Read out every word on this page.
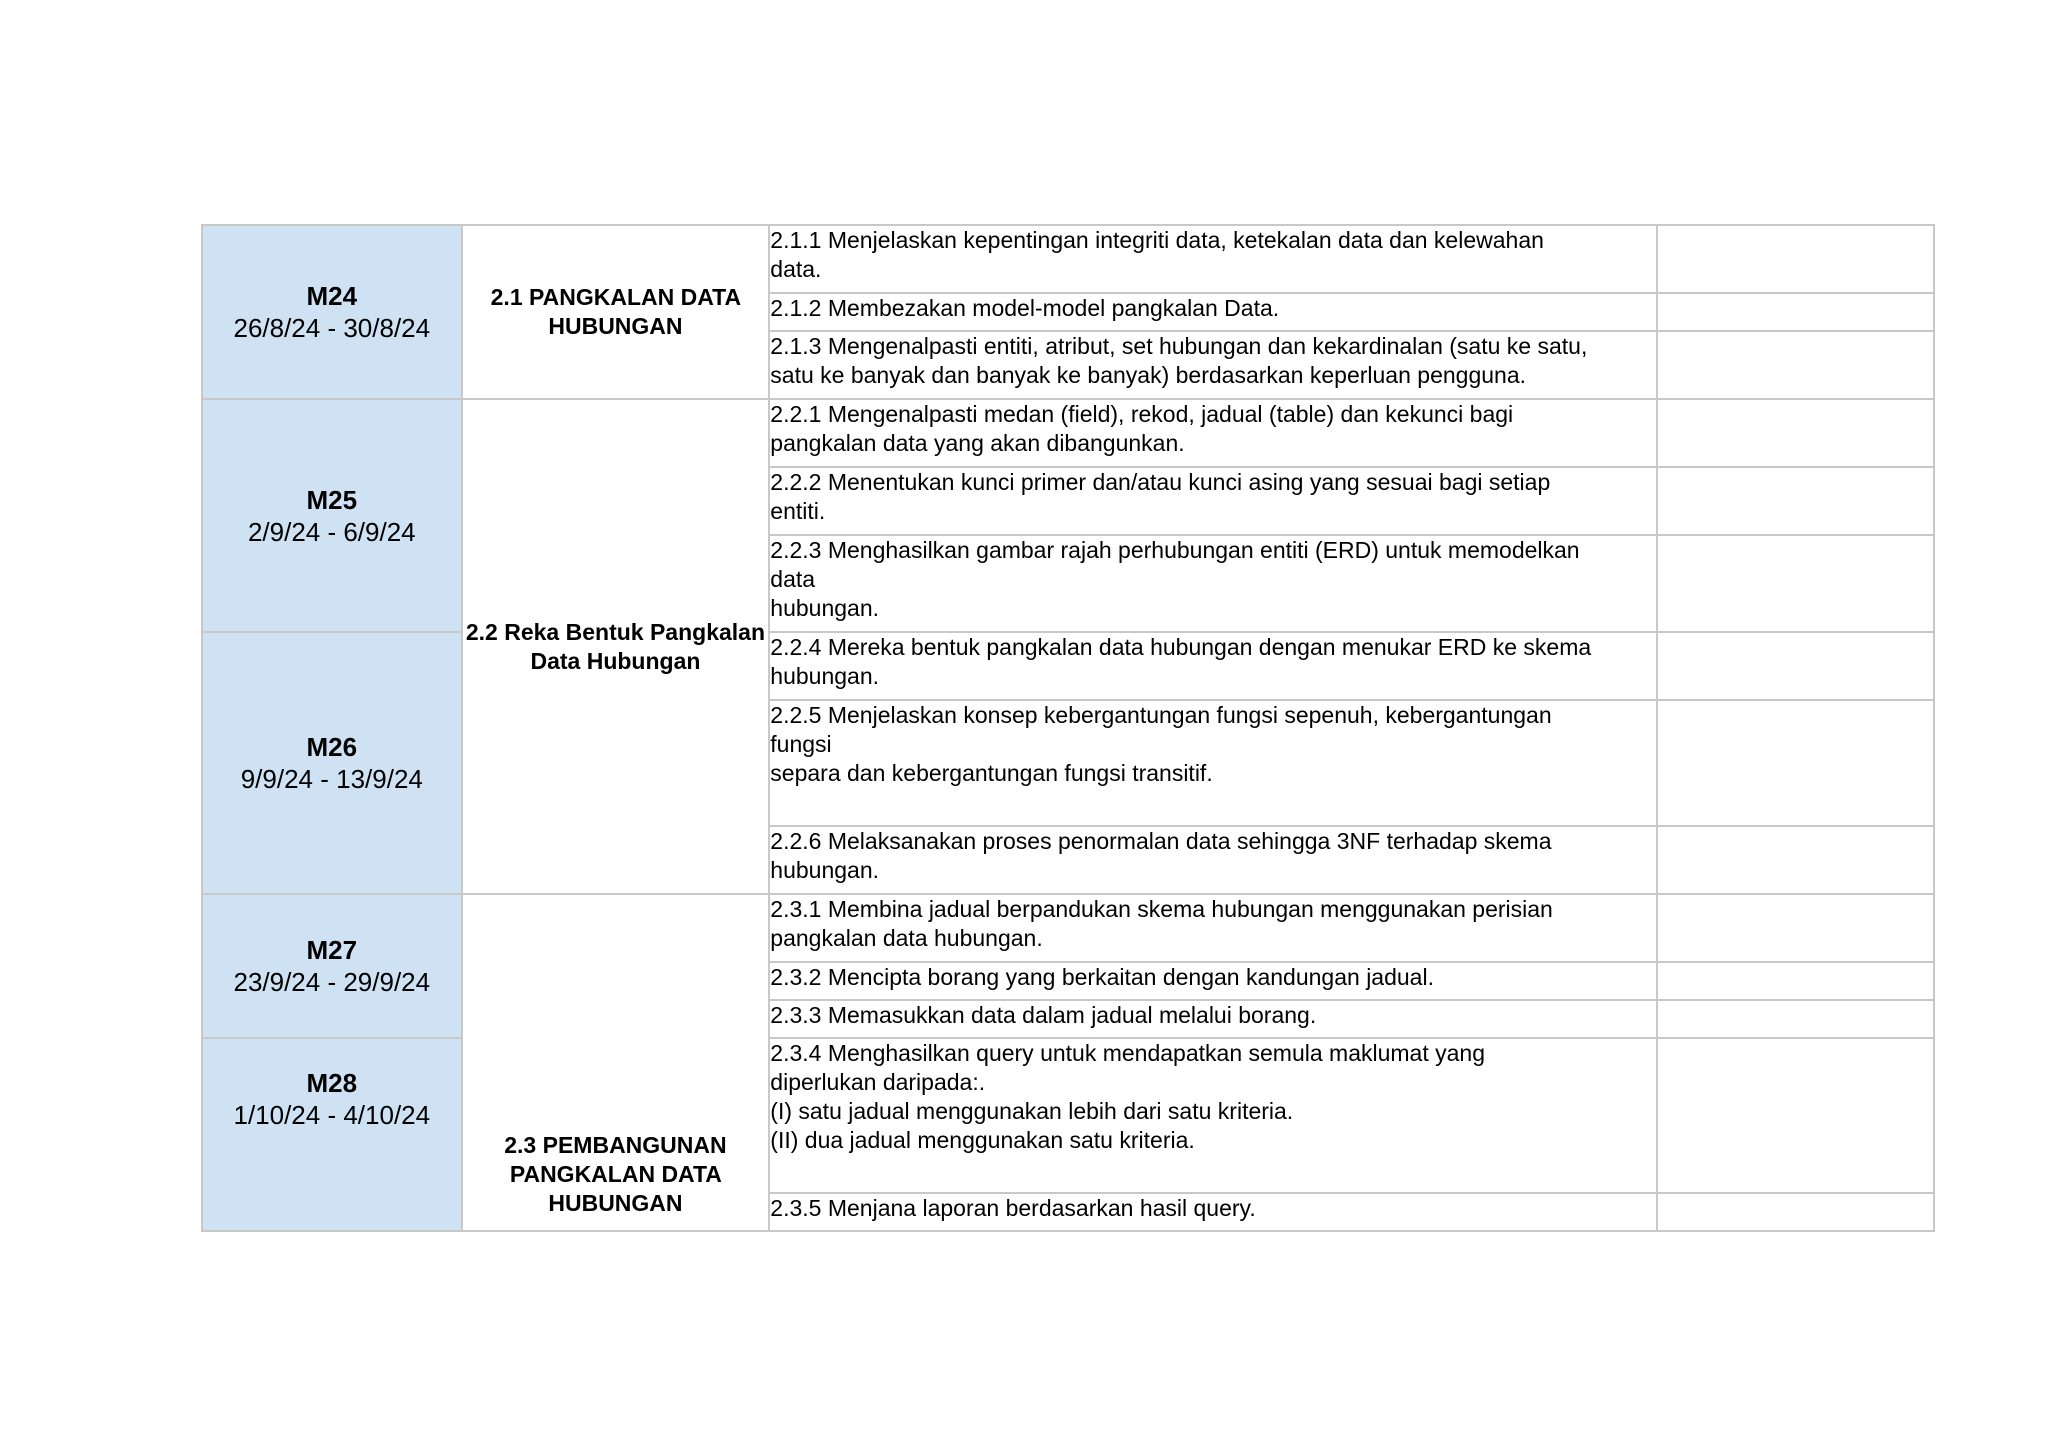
M24
26/8/24 - 30/8/24	2.1 PANGKALAN DATA HUBUNGAN	2.1.1 Menjelaskan kepentingan integriti data, ketekalan data dan kelewahan
data.	

		2.1.2 Membezakan model-model pangkalan Data.	

		2.1.3 Mengenalpasti entiti, atribut, set hubungan dan kekardinalan (satu ke satu,
satu ke banyak dan banyak ke banyak) berdasarkan keperluan pengguna.	

M25
2/9/24 - 6/9/24	2.2 Reka Bentuk Pangkalan Data Hubungan	2.2.1 Mengenalpasti medan (field), rekod, jadual (table) dan kekunci bagi
pangkalan data yang akan dibangunkan.	

		2.2.2 Menentukan kunci primer dan/atau kunci asing yang sesuai bagi setiap
entiti.	

		2.2.3 Menghasilkan gambar rajah perhubungan entiti (ERD) untuk memodelkan
data
hubungan.	

M26
9/9/24 - 13/9/24		2.2.4 Mereka bentuk pangkalan data hubungan dengan menukar ERD ke skema
hubungan.	

		2.2.5 Menjelaskan konsep kebergantungan fungsi sepenuh, kebergantungan
fungsi
separa dan kebergantungan fungsi transitif.	

		2.2.6 Melaksanakan proses penormalan data sehingga 3NF terhadap skema
hubungan.	

M27
23/9/24 - 29/9/24	2.3 PEMBANGUNAN PANGKALAN DATA HUBUNGAN	2.3.1 Membina jadual berpandukan skema hubungan menggunakan perisian
pangkalan data hubungan.	

		2.3.2 Mencipta borang yang berkaitan dengan kandungan jadual.	

		2.3.3 Memasukkan data dalam jadual melalui borang.	

M28
1/10/24 - 4/10/24		2.3.4 Menghasilkan query untuk mendapatkan semula maklumat yang
diperlukan daripada:.
(I) satu jadual menggunakan lebih dari satu kriteria.
(II) dua jadual menggunakan satu kriteria.	

		2.3.5 Menjana laporan berdasarkan hasil query.	
